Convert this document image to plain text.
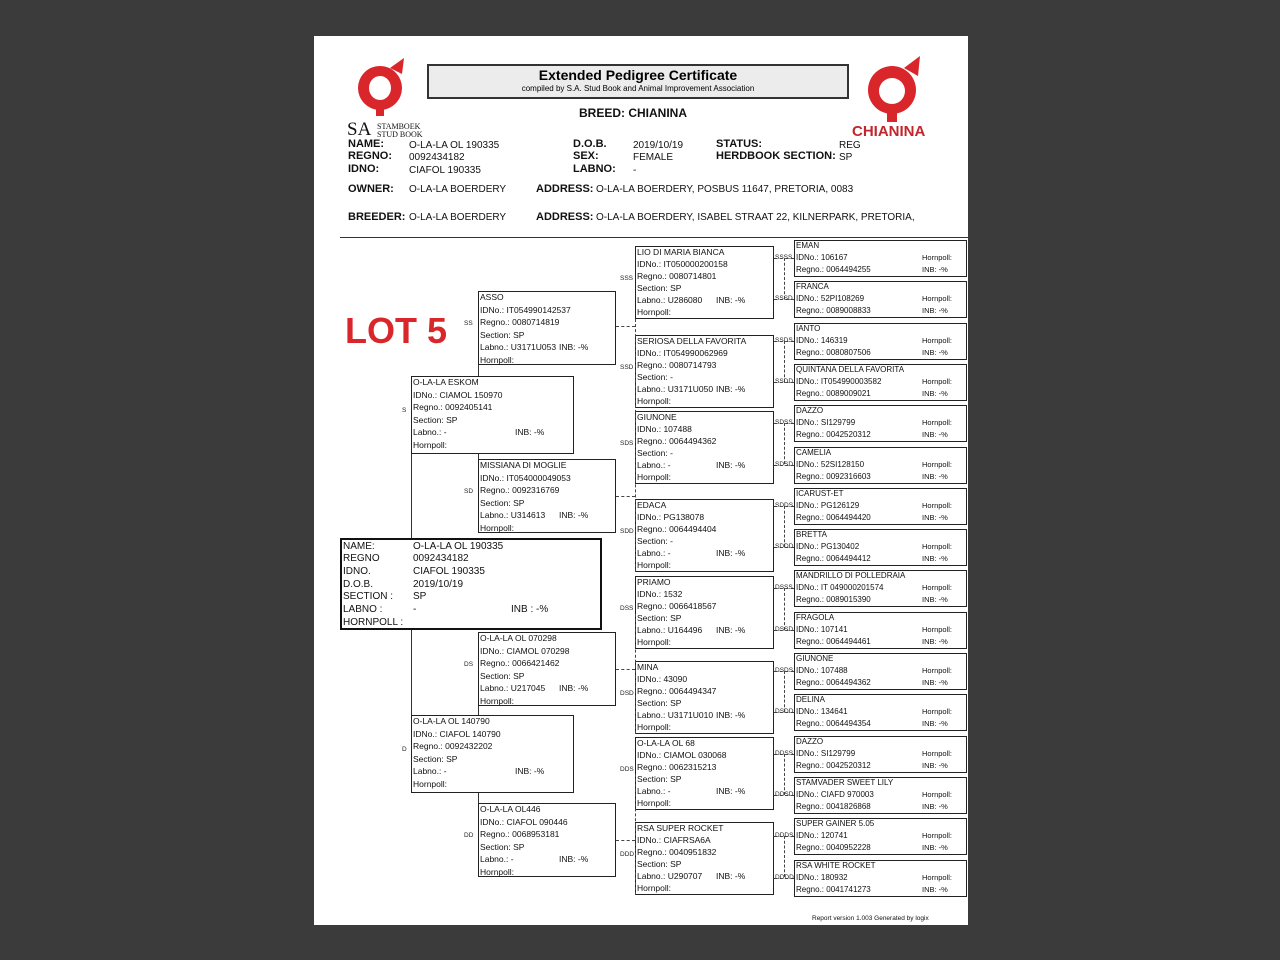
SA STAMBOEK
STUD BOOK
Extended Pedigree Certificate
compiled by S.A. Stud Book and Animal Improvement Association
BREED: CHIANINA
CHIANINA
NAME: O-LA-LA OL 190335
REGNO: 0092434182
IDNO:	CIAFOL 190335
D.O.B.	2019/10/19
SEX:	FEMALE
LABNO: -
STATUS:	REG
HERDBOOK SECTION: SP
OWNER: O-LA-LA BOERDERY	ADDRESS: O-LA-LA BOERDERY, POSBUS 11647, PRETORIA, 0083
BREEDER: O-LA-LA BOERDERY	ADDRESS: O-LA-LA BOERDERY, ISABEL STRAAT 22, KILNERPARK, PRETORIA,
LOT 5
NAME:	O-LA-LA OL 190335
REGNO	0092434182
IDNO.	CIAFOL 190335
D.O.B.	2019/10/19
SECTION : SP
LABNO :	-	INB : -%
HORNPOLL :
O-LA-LA ESKOM
IDNo.: CIAMOL 150970
Regno.: 0092405141
Section: SP
Labno.: -
Hornpoll:
INB: -%
S
O-LA-LA OL 140790
IDNo.: CIAFOL 140790
Regno.: 0092432202
Section: SP
Labno.: -
Hornpoll:
INB: -%
D
ASSO
IDNo.: IT054990142537
Regno.: 0080714819
Section: SP
Labno.: U3171U053
Hornpoll:
INB: -%
SS
MISSIANA DI MOGLIE
IDNo.: IT054000049053
Regno.: 0092316769
Section: SP
Labno.: U314613
Hornpoll:
INB: -%
SD
O-LA-LA OL 070298
IDNo.: CIAMOL 070298
Regno.: 0066421462
Section: SP
Labno.: U217045
Hornpoll:
INB: -%
DS
O-LA-LA OL446
IDNo.: CIAFOL 090446
Regno.: 0068953181
Section: SP
Labno.: -
Hornpoll:
INB: -%
DD
LIO DI MARIA BIANCA
IDNo.: IT050000200158
Regno.: 0080714801
Section: SP
Labno.: U286080
Hornpoll:
INB: -%
SSS
SERIOSA DELLA FAVORITA
IDNo.: IT054990062969
Regno.: 0080714793
Section: -
Labno.: U3171U050
Hornpoll:
INB: -%
SSD
GIUNONE
IDNo.: 107488
Regno.: 0064494362
Section: -
Labno.: -
Hornpoll:
INB: -%
SDS
EDACA
IDNo.: PG138078
Regno.: 0064494404
Section: -
Labno.: -
Hornpoll:
INB: -%
SDD
PRIAMO
IDNo.: 1532
Regno.: 0066418567
Section: SP
Labno.: U164496
Hornpoll:
INB: -%
DSS
MINA
IDNo.: 43090
Regno.: 0064494347
Section: SP
Labno.: U3171U010
Hornpoll:
INB: -%
DSD
O-LA-LA OL 68
IDNo.: CIAMOL 030068
Regno.: 0062315213
Section: SP
Labno.: -
Hornpoll:
INB: -%
DDS
RSA SUPER ROCKET
IDNo.: CIAFRSA6A
Regno.: 0040951832
Section: SP
Labno.: U290707
Hornpoll:
INB: -%
DDD
EMAN
IDNo.: 106167
Regno.: 0064494255
Hornpoll:
INB: -%
SSSS
FRANCA
IDNo.: 52PI108269
Regno.: 0089008833
Hornpoll:
INB: -%
SSSD
IANTO
IDNo.: 146319
Regno.: 0080807506
Hornpoll:
INB: -%
SSDS
QUINTANA DELLA FAVORITA
IDNo.: IT054990003582
Regno.: 0089009021
Hornpoll:
INB: -%
SSDD
DAZZO
IDNo.: SI129799
Regno.: 0042520312
Hornpoll:
INB: -%
SDSS
CAMELIA
IDNo.: 52SI128150
Regno.: 0092316603
Hornpoll:
INB: -%
SDSD
ICARUST-ET
IDNo.: PG126129
Regno.: 0064494420
Hornpoll:
INB: -%
SDDS
BRETTA
IDNo.: PG130402
Regno.: 0064494412
Hornpoll:
INB: -%
SDDD
MANDRILLO DI POLLEDRAIA
IDNo.: IT 049000201574
Regno.: 0089015390
Hornpoll:
INB: -%
DSSS
FRAGOLA
IDNo.: 107141
Regno.: 0064494461
Hornpoll:
INB: -%
DSSD
GIUNONE
IDNo.: 107488
Regno.: 0064494362
Hornpoll:
INB: -%
DSDS
DELINA
IDNo.: 134641
Regno.: 0064494354
Hornpoll:
INB: -%
DSDD
DAZZO
IDNo.: SI129799
Regno.: 0042520312
Hornpoll:
INB: -%
DDSS
STAMVADER SWEET LILY
IDNo.: CIAFD 970003
Regno.: 0041826868
Hornpoll:
INB: -%
DDSD
SUPER GAINER 5.05
IDNo.: 120741
Regno.: 0040952228
Hornpoll:
INB: -%
DDDS
RSA WHITE ROCKET
IDNo.: 180932
Regno.: 0041741273
Hornpoll:
INB: -%
DDDD
Report version 1.003 Generated by logix
